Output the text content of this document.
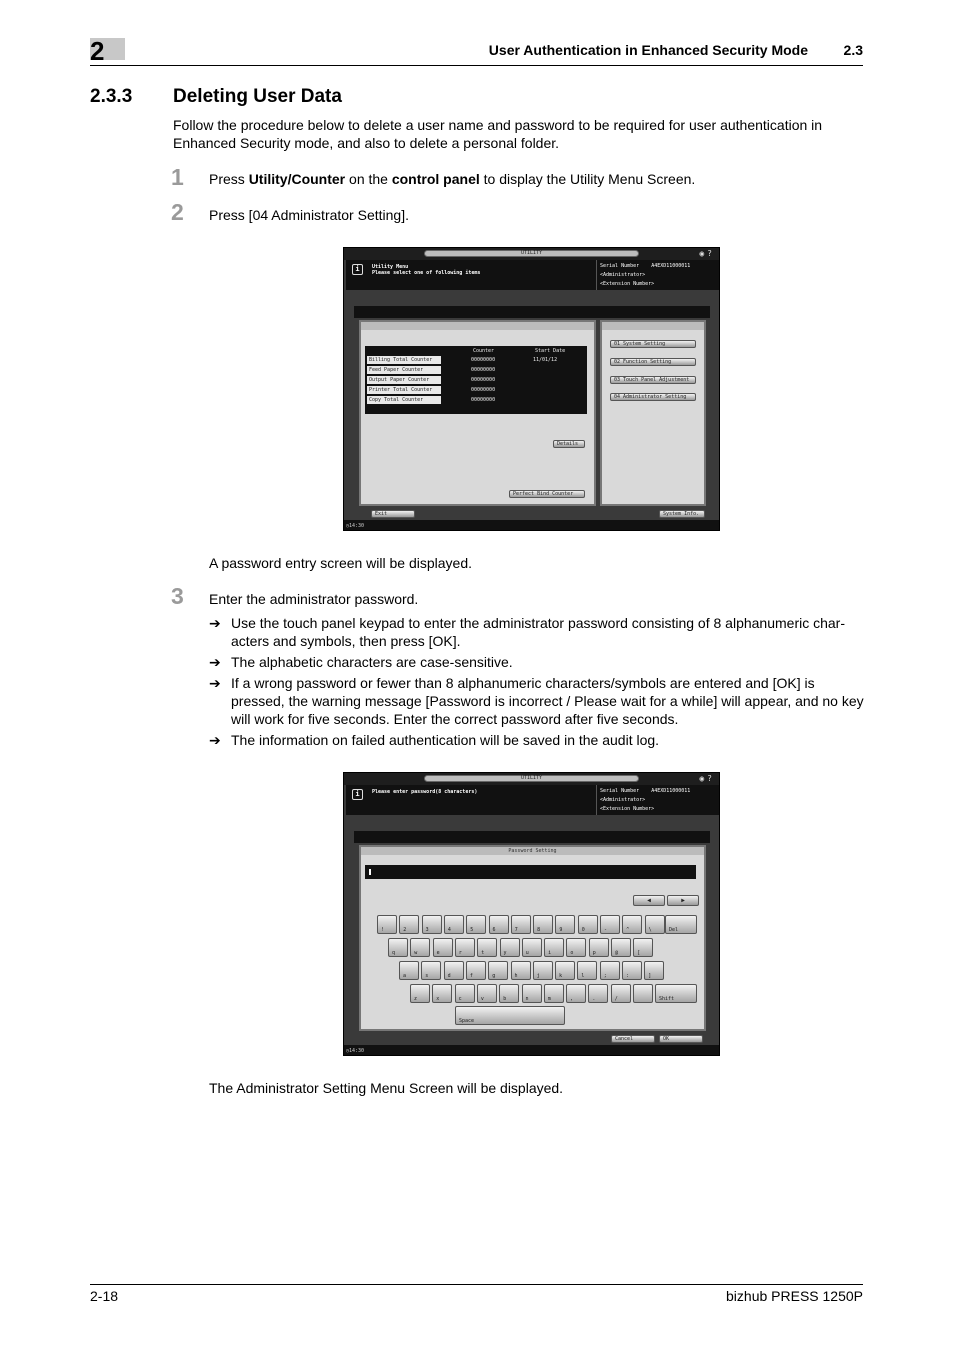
2	User Authentication in Enhanced Security Mode	2.3
2.3.3 Deleting User Data
Follow the procedure below to delete a user name and password to be required for user authentication in Enhanced Security mode, and also to delete a personal folder.
1 Press Utility/Counter on the control panel to display the Utility Menu Screen.
2 Press [04 Administrator Setting].
UTILITY	◉?
i	Utility Menu
Please select one of following items
Serial Number A4EXD11000011
<Administrator>
<Extension Number>
Counter	Start Date
Billing Total Counter	00000000	11/01/12
Feed Paper Counter	00000000
Output Paper Counter	00000000
Printer Total Counter	00000000
Copy Total Counter	00000000
Details
Perfect Bind Counter
01 System Setting
02 Function Setting
03 Touch Panel Adjustment
04 Administrator Setting
Exit	System Info.
◷14:30
A password entry screen will be displayed.
3 Enter the administrator password.
➔ Use the touch panel keypad to enter the administrator password consisting of 8 alphanumeric char-acters and symbols, then press [OK].
➔ The alphabetic characters are case-sensitive.
➔ If a wrong password or fewer than 8 alphanumeric characters/symbols are entered and [OK] is pressed, the warning message [Password is incorrect / Please wait for a while] will appear, and no key will work for five seconds. Enter the correct password after five seconds.
➔ The information on failed authentication will be saved in the audit log.
UTILITY	◉?
i	Please enter password(8 characters)	Serial Number A4EXD11000011
<Administrator>
<Extension Number>
Password Setting
◀	▶
!	2	3	4	5	6	7	8	9	0	-	^	\
q	w	e	r	t	y	u	i	o	p	@	[
a	s	d	f	g	h	j	k	l	;	:	]
z	x	c	v	b	n	m	,	.	/
Del
Shift
Space
Cancel	OK
◷14:30
The Administrator Setting Menu Screen will be displayed.
2-18	bizhub PRESS 1250P
